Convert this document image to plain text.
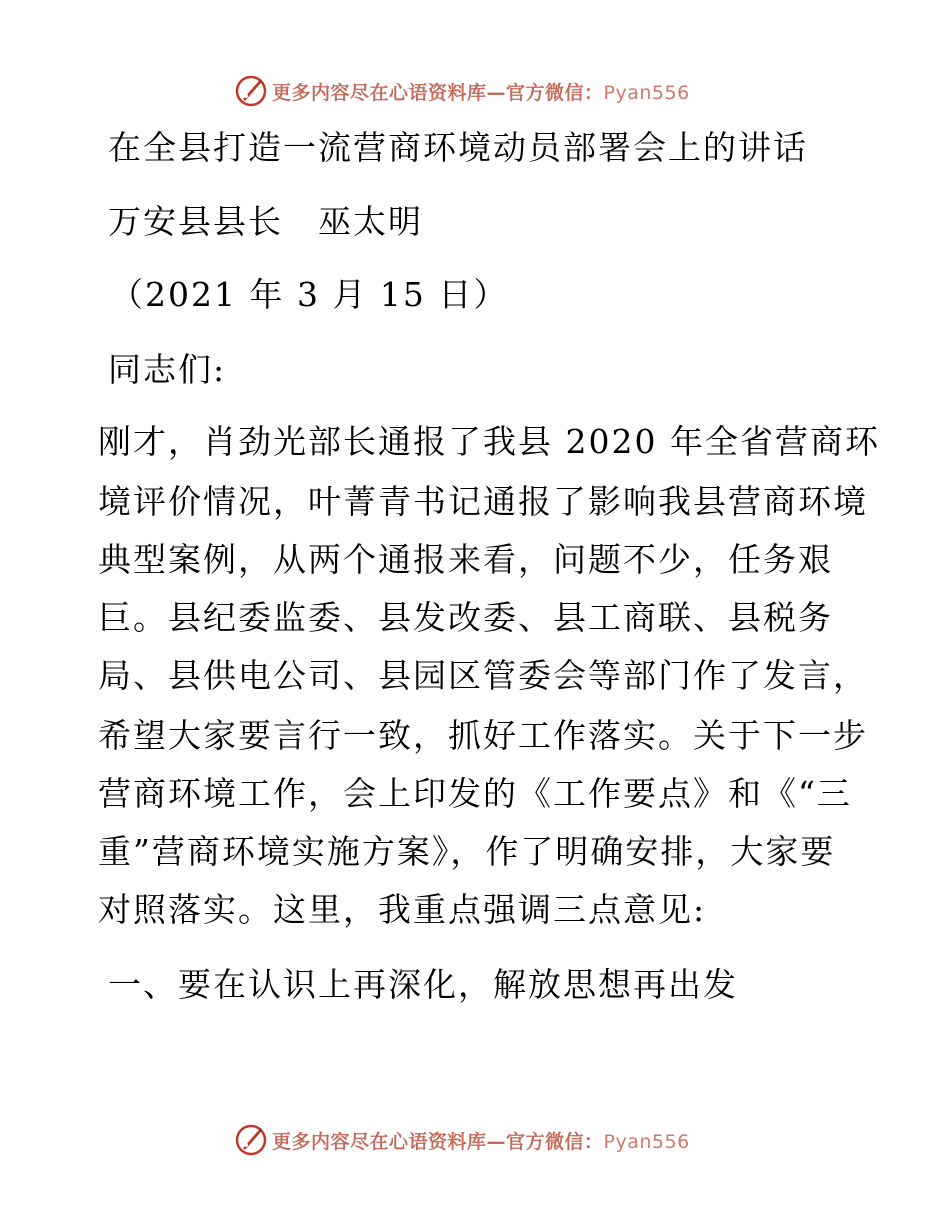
更多内容尽在心语资料库—官方微信：Pyan556
在全县打造一流营商环境动员部署会上的讲话
万安县县长　巫太明
（2021 年 3 月 15 日）
同志们:
刚才，肖劲光部长通报了我县 2020 年全省营商环
境评价情况，叶菁青书记通报了影响我县营商环境
典型案例，从两个通报来看，问题不少，任务艰
巨。县纪委监委、县发改委、县工商联、县税务
局、县供电公司、县园区管委会等部门作了发言，
希望大家要言行一致，抓好工作落实。关于下一步
营商环境工作，会上印发的《工作要点》和《“三
重”营商环境实施方案》，作了明确安排，大家要
对照落实。这里，我重点强调三点意见:
一、要在认识上再深化，解放思想再出发
更多内容尽在心语资料库—官方微信：Pyan556
